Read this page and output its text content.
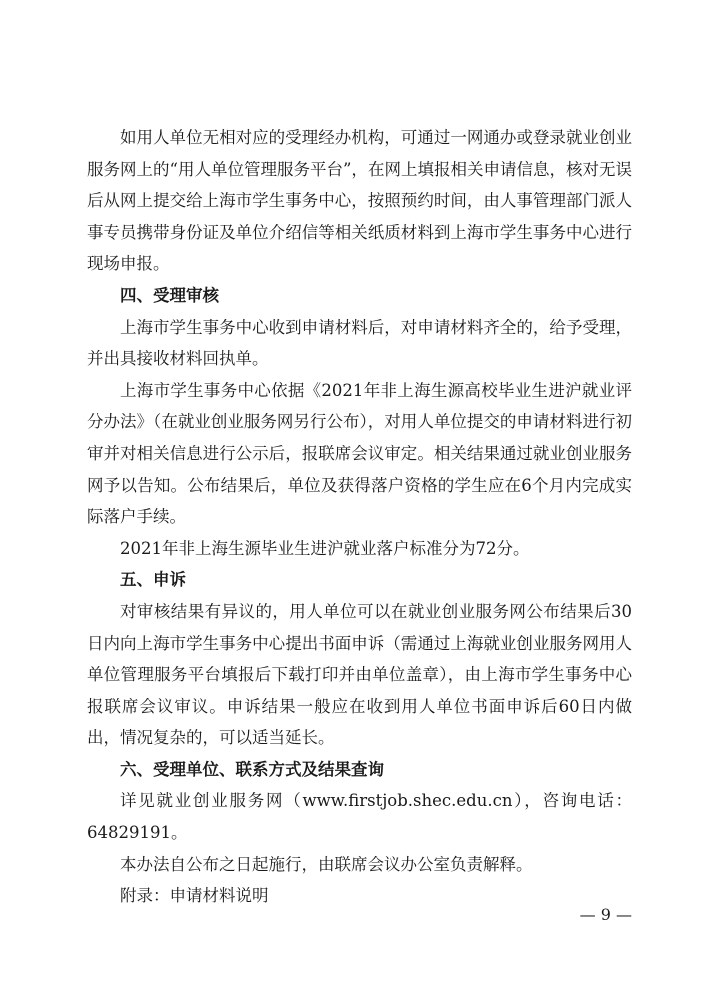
如用人单位无相对应的受理经办机构，可通过一网通办或登录就业创业服务网上的“用人单位管理服务平台”，在网上填报相关申请信息，核对无误后从网上提交给上海市学生事务中心，按照预约时间，由人事管理部门派人事专员携带身份证及单位介绍信等相关纸质材料到上海市学生事务中心进行现场申报。

四、受理审核

上海市学生事务中心收到申请材料后，对申请材料齐全的，给予受理，并出具接收材料回执单。

上海市学生事务中心依据《2021年非上海生源高校毕业生进沪就业评分办法》（在就业创业服务网另行公布），对用人单位提交的申请材料进行初审并对相关信息进行公示后，报联席会议审定。相关结果通过就业创业服务网予以告知。公布结果后，单位及获得落户资格的学生应在6个月内完成实际落户手续。

2021年非上海生源毕业生进沪就业落户标准分为72分。

五、申诉

对审核结果有异议的，用人单位可以在就业创业服务网公布结果后30日内向上海市学生事务中心提出书面申诉（需通过上海就业创业服务网用人单位管理服务平台填报后下载打印并由单位盖章），由上海市学生事务中心报联席会议审议。申诉结果一般应在收到用人单位书面申诉后60日内做出，情况复杂的，可以适当延长。

六、受理单位、联系方式及结果查询

详见就业创业服务网（www.firstjob.shec.edu.cn），咨询电话：64829191。

本办法自公布之日起施行，由联席会议办公室负责解释。

附录：申请材料说明

— 9 —
